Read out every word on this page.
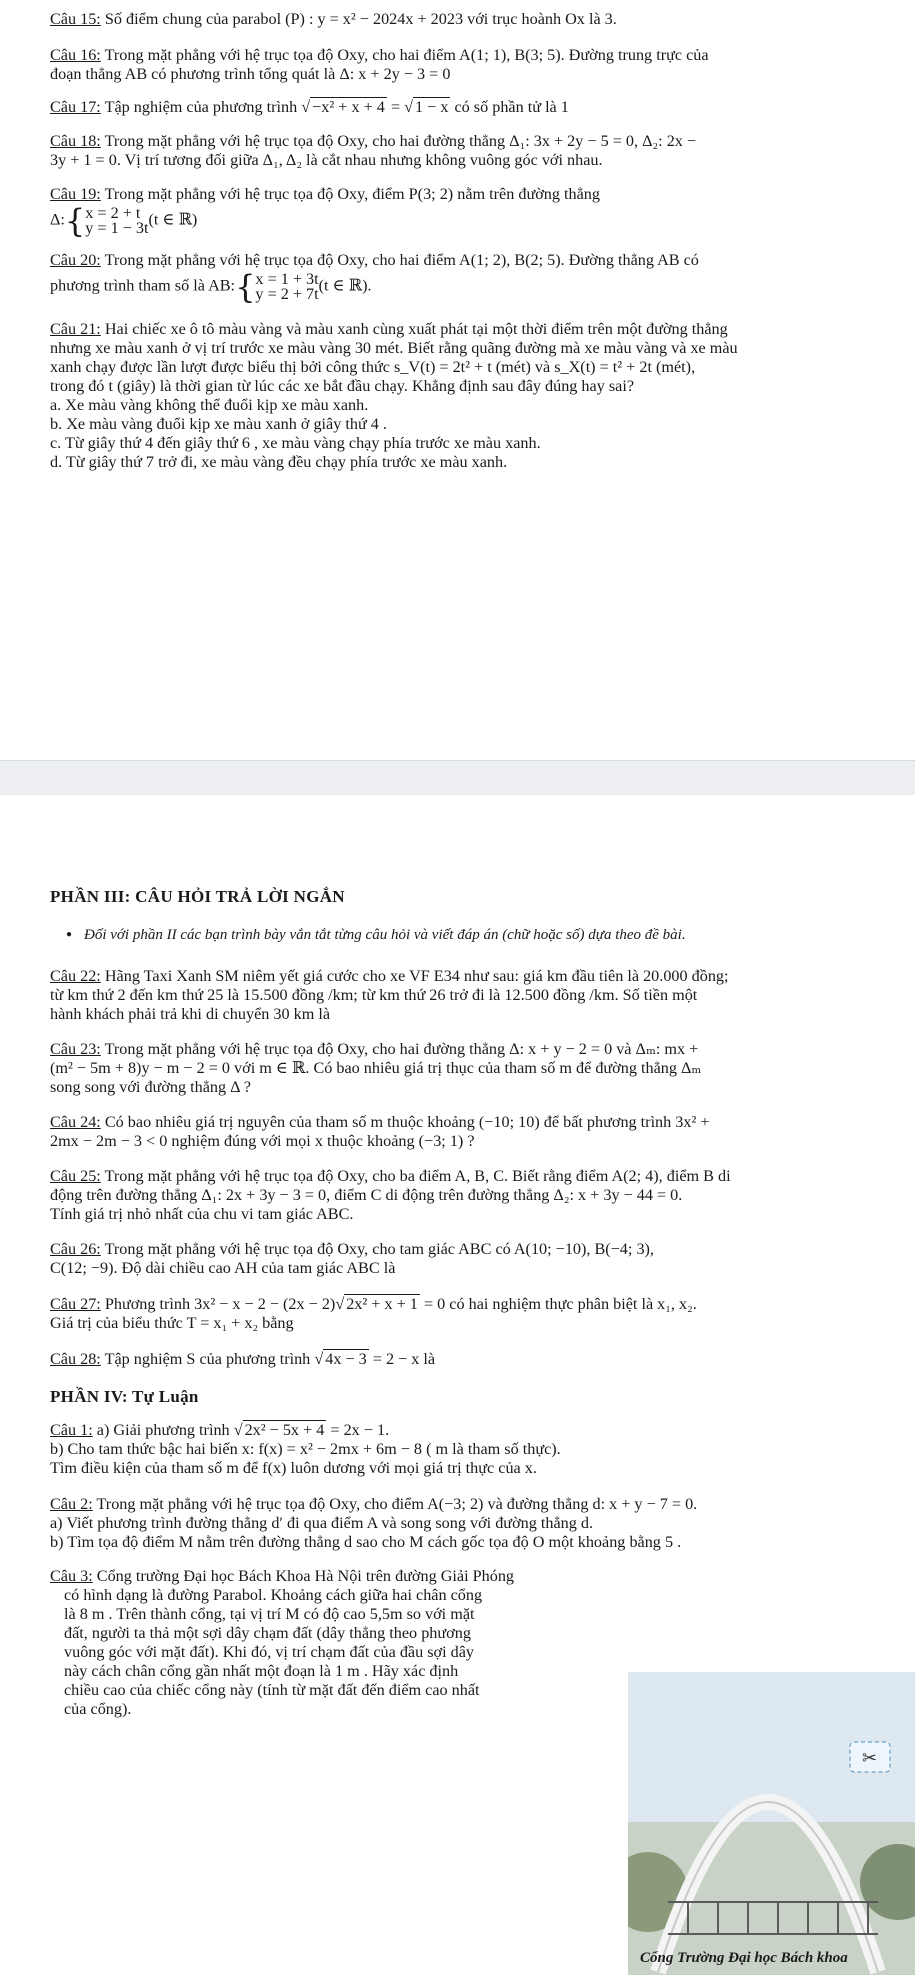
Câu 15: Số điểm chung của parabol (P) : y = x² − 2024x + 2023 với trục hoành Ox là 3.
Câu 16: Trong mặt phẳng với hệ trục tọa độ Oxy, cho hai điểm A(1; 1), B(3; 5). Đường trung trực của
đoạn thẳng AB có phương trình tổng quát là Δ: x + 2y − 3 = 0
Câu 17: Tập nghiệm của phương trình √ −x² + x + 4 = √ 1 − x có số phần tử là 1
Câu 18: Trong mặt phẳng với hệ trục tọa độ Oxy, cho hai đường thẳng Δ₁: 3x + 2y − 5 = 0, Δ₂: 2x −
3y + 1 = 0. Vị trí tương đối giữa Δ₁, Δ₂ là cắt nhau nhưng không vuông góc với nhau.
Câu 19: Trong mặt phẳng với hệ trục tọa độ Oxy, điểm P(3; 2) nằm trên đường thẳng
Δ:{ x = 2 + t
y = 1 − 3t (t ∈ ℝ)
Câu 20: Trong mặt phẳng với hệ trục tọa độ Oxy, cho hai điểm A(1; 2), B(2; 5). Đường thẳng AB có
phương trình tham số là AB:{ x = 1 + 3t
y = 2 + 7t (t ∈ ℝ).
Câu 21: Hai chiếc xe ô tô màu vàng và màu xanh cùng xuất phát tại một thời điểm trên một đường thẳng
nhưng xe màu xanh ở vị trí trước xe màu vàng 30 mét. Biết rằng quãng đường mà xe màu vàng và xe màu
xanh chạy được lần lượt được biểu thị bởi công thức s_V(t) = 2t² + t (mét) và s_X(t) = t² + 2t (mét),
trong đó t (giây) là thời gian từ lúc các xe bắt đầu chạy. Khẳng định sau đây đúng hay sai?
a. Xe màu vàng không thể đuổi kịp xe màu xanh.
b. Xe màu vàng đuổi kịp xe màu xanh ở giây thứ 4 .
c. Từ giây thứ 4 đến giây thứ 6 , xe màu vàng chạy phía trước xe màu xanh.
d. Từ giây thứ 7 trở đi, xe màu vàng đều chạy phía trước xe màu xanh.
PHẦN III: CÂU HỎI TRẢ LỜI NGẮN
● Đối với phần II các bạn trình bày vắn tắt từng câu hỏi và viết đáp án (chữ hoặc số) dựa theo đề bài.
Câu 22: Hãng Taxi Xanh SM niêm yết giá cước cho xe VF E34 như sau: giá km đầu tiên là 20.000 đồng;
từ km thứ 2 đến km thứ 25 là 15.500 đồng /km; từ km thứ 26 trở đi là 12.500 đồng /km. Số tiền một
hành khách phải trả khi di chuyển 30 km là
Câu 23: Trong mặt phẳng với hệ trục tọa độ Oxy, cho hai đường thẳng Δ: x + y − 2 = 0 và Δₘ: mx +
(m² − 5m + 8)y − m − 2 = 0 với m ∈ ℝ. Có bao nhiêu giá trị thục của tham số m để đường thẳng Δₘ
song song với đường thẳng Δ ?
Câu 24: Có bao nhiêu giá trị nguyên của tham số m thuộc khoảng (−10; 10) để bất phương trình 3x² +
2mx − 2m − 3 < 0 nghiệm đúng với mọi x thuộc khoảng (−3; 1) ?
Câu 25: Trong mặt phẳng với hệ trục tọa độ Oxy, cho ba điểm A, B, C. Biết rằng điểm A(2; 4), điểm B di
động trên đường thẳng Δ₁: 2x + 3y − 3 = 0, điểm C di động trên đường thẳng Δ₂: x + 3y − 44 = 0.
Tính giá trị nhỏ nhất của chu vi tam giác ABC.
Câu 26: Trong mặt phẳng với hệ trục tọa độ Oxy, cho tam giác ABC có A(10; −10), B(−4; 3),
C(12; −9). Độ dài chiều cao AH của tam giác ABC là
Câu 27: Phương trình 3x² − x − 2 − (2x − 2)√ 2x² + x + 1 = 0 có hai nghiệm thực phân biệt là x₁, x₂.
Giá trị của biểu thức T = x₁ + x₂ bằng
Câu 28: Tập nghiệm S của phương trình √ 4x − 3 = 2 − x là
PHẦN IV: Tự Luận
Câu 1: a) Giải phương trình √ 2x² − 5x + 4 = 2x − 1.
b) Cho tam thức bậc hai biến x: f(x) = x² − 2mx + 6m − 8 ( m là tham số thực).
Tìm điều kiện của tham số m để f(x) luôn dương với mọi giá trị thực của x.
Câu 2: Trong mặt phẳng với hệ trục tọa độ Oxy, cho điểm A(−3; 2) và đường thẳng d: x + y − 7 = 0.
a) Viết phương trình đường thẳng d′ đi qua điểm A và song song với đường thẳng d.
b) Tìm tọa độ điểm M nằm trên đường thẳng d sao cho M cách gốc tọa độ O một khoảng bằng 5 .
Câu 3: Cổng trường Đại học Bách Khoa Hà Nội trên đường Giải Phóng
có hình dạng là đường Parabol. Khoảng cách giữa hai chân cổng
là 8 m . Trên thành cổng, tại vị trí M có độ cao 5,5m so với mặt
đất, người ta thả một sợi dây chạm đất (dây thẳng theo phương
vuông góc với mặt đất). Khi đó, vị trí chạm đất của đầu sợi dây
này cách chân cổng gần nhất một đoạn là 1 m . Hãy xác định
chiều cao của chiếc cổng này (tính từ mặt đất đến điểm cao nhất
của cổng).
✂
Cổng Trường Đại học Bách khoa
